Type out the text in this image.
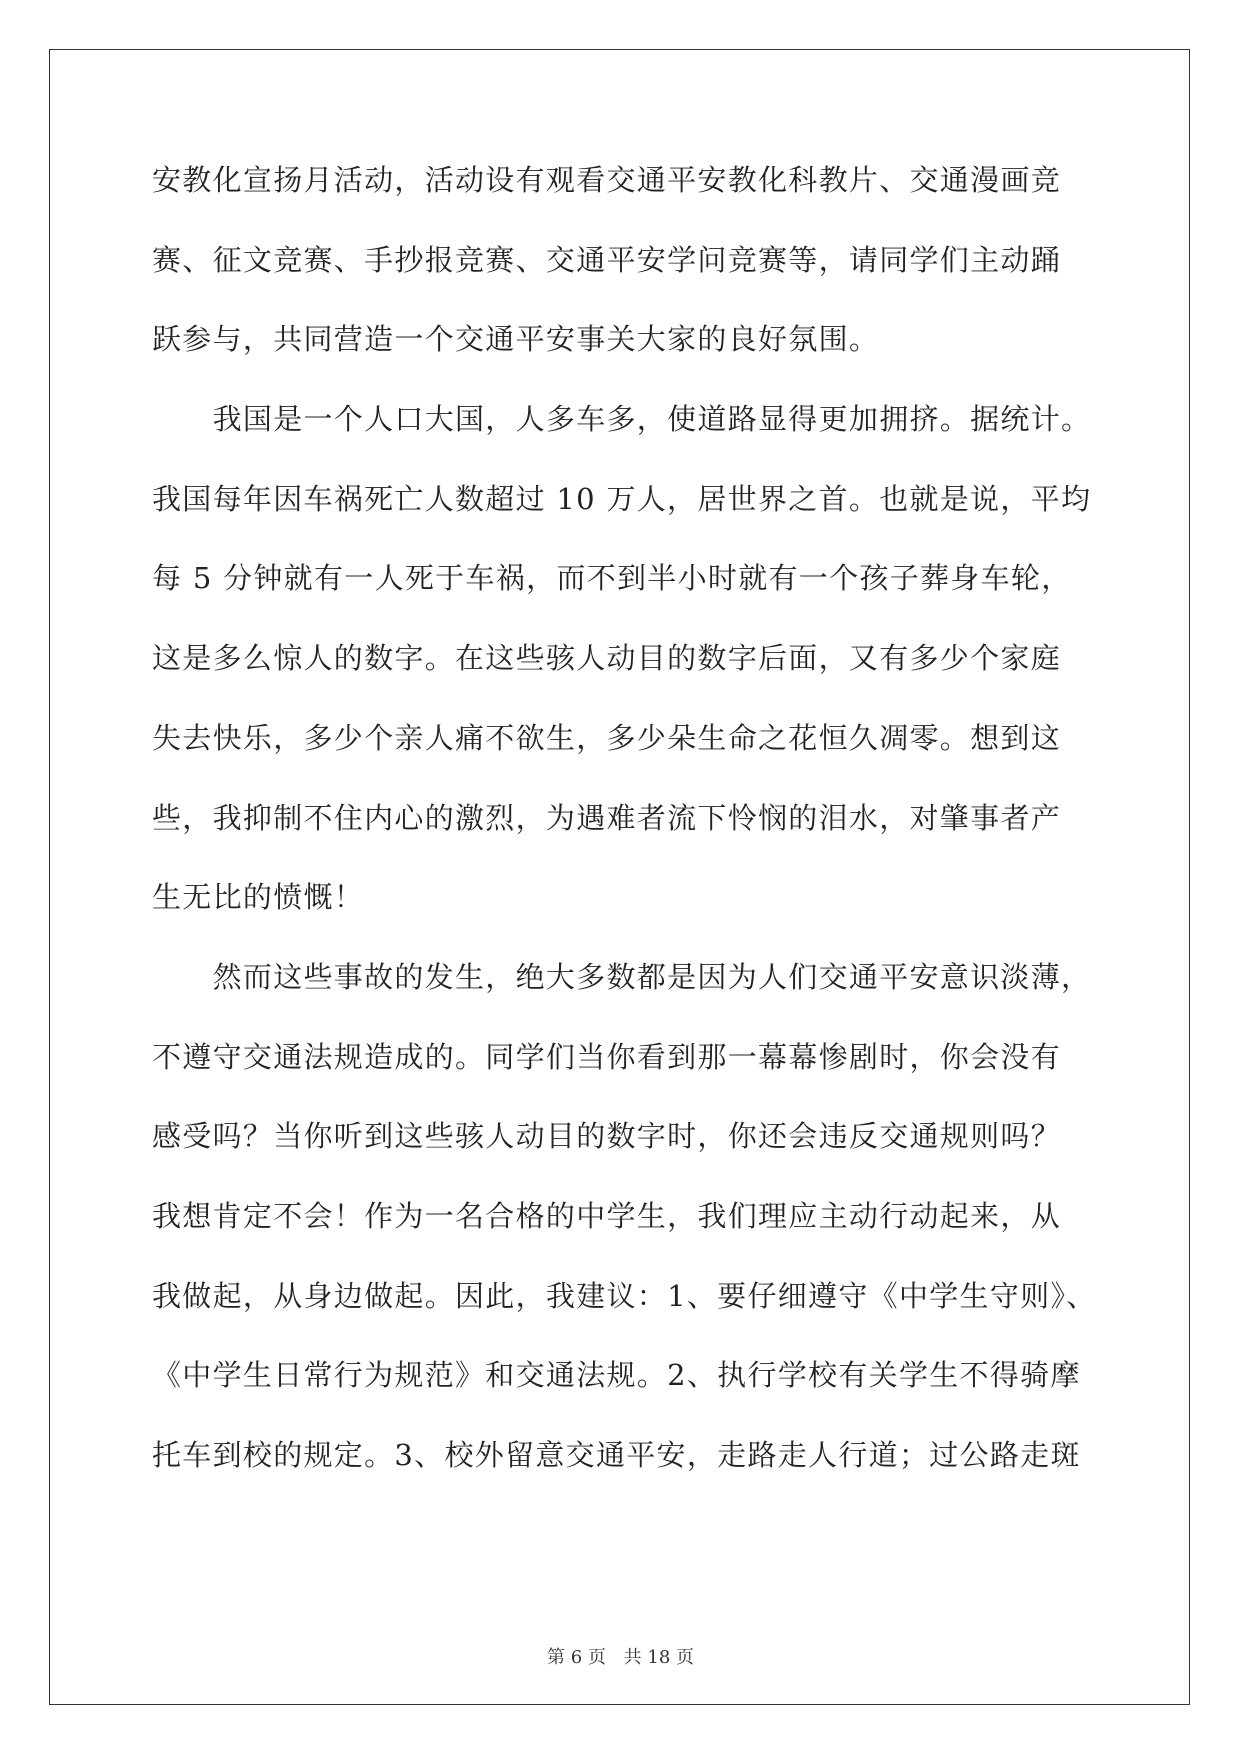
安教化宣扬月活动，活动设有观看交通平安教化科教片、交通漫画竞
赛、征文竞赛、手抄报竞赛、交通平安学问竞赛等，请同学们主动踊
跃参与，共同营造一个交通平安事关大家的良好氛围。
　　我国是一个人口大国，人多车多，使道路显得更加拥挤。据统计。
我国每年因车祸死亡人数超过 10 万人，居世界之首。也就是说，平均
每 5 分钟就有一人死于车祸，而不到半小时就有一个孩子葬身车轮，
这是多么惊人的数字。在这些骇人动目的数字后面，又有多少个家庭
失去快乐，多少个亲人痛不欲生，多少朵生命之花恒久凋零。想到这
些，我抑制不住内心的激烈，为遇难者流下怜悯的泪水，对肇事者产
生无比的愤慨！
　　然而这些事故的发生，绝大多数都是因为人们交通平安意识淡薄，
不遵守交通法规造成的。同学们当你看到那一幕幕惨剧时，你会没有
感受吗？当你听到这些骇人动目的数字时，你还会违反交通规则吗？
我想肯定不会！作为一名合格的中学生，我们理应主动行动起来，从
我做起，从身边做起。因此，我建议：1、要仔细遵守《中学生守则》、
《中学生日常行为规范》和交通法规。2、执行学校有关学生不得骑摩
托车到校的规定。3、校外留意交通平安，走路走人行道；过公路走斑
第 6 页 共 18 页
